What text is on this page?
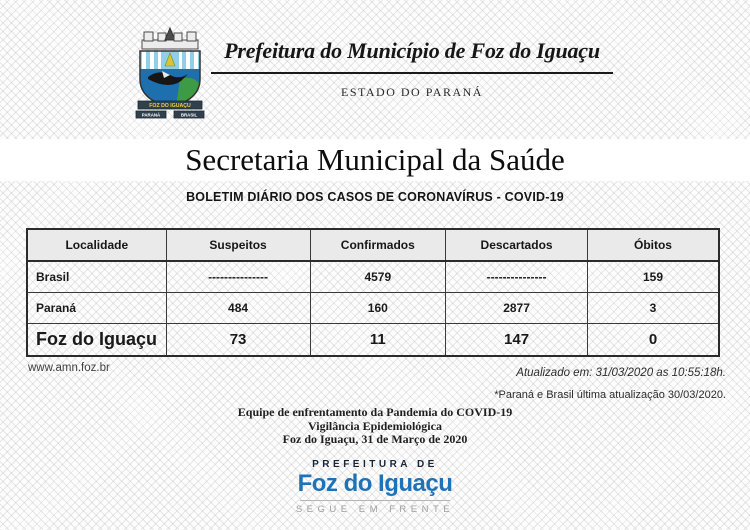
FOZ DO IGUAÇU
PARANÁ	BRASIL
Prefeitura do Município de Foz do Iguaçu
ESTADO DO PARANÁ
Secretaria Municipal da Saúde
BOLETIM DIÁRIO DOS CASOS DE CORONAVÍRUS - COVID-19
Localidade	Suspeitos	Confirmados	Descartados	Óbitos
Brasil	---------------	4579	---------------	159
Paraná	484	160	2877	3
Foz do Iguaçu	73	11	147	0
www.amn.foz.br	Atualizado em: 31/03/2020 as 10:55:18h.
*Paraná e Brasil última atualização 30/03/2020.
Equipe de enfrentamento da Pandemia do COVID-19
Vigilância Epidemiológica
Foz do Iguaçu, 31 de Março de 2020
PREFEITURA DE
Foz do Iguaçu
SEGUE EM FRENTE
